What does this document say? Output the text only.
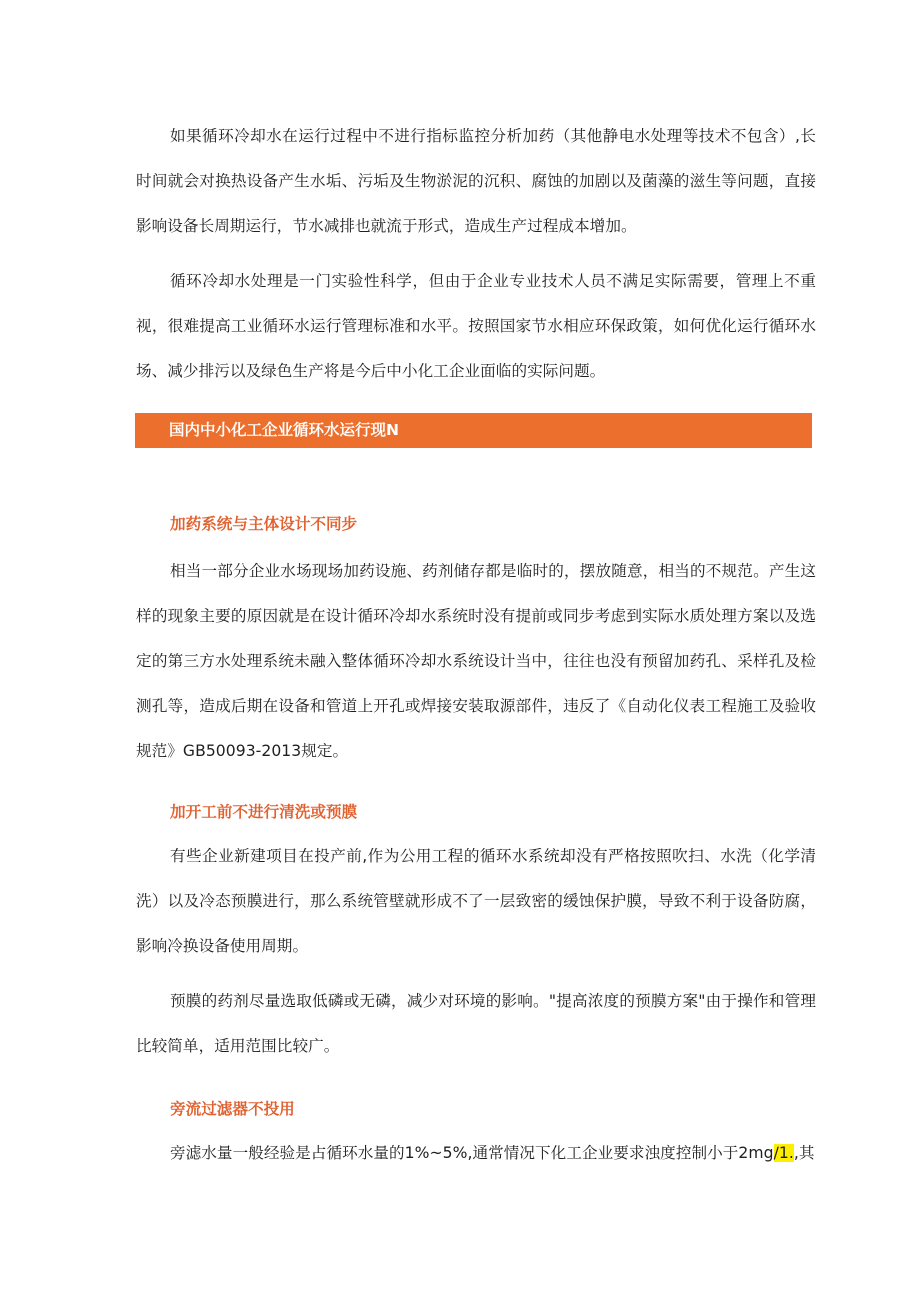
如果循环冷却水在运行过程中不进行指标监控分析加药（其他静电水处理等技术不包含）,长时间就会对换热设备产生水垢、污垢及生物淤泥的沉积、腐蚀的加剧以及菌藻的滋生等问题，直接影响设备长周期运行，节水减排也就流于形式，造成生产过程成本增加。

循环冷却水处理是一门实验性科学，但由于企业专业技术人员不满足实际需要，管理上不重视，很难提高工业循环水运行管理标准和水平。按照国家节水相应环保政策，如何优化运行循环水场、减少排污以及绿色生产将是今后中小化工企业面临的实际问题。

国内中小化工企业循环水运行现N
加药系统与主体设计不同步

相当一部分企业水场现场加药设施、药剂储存都是临时的，摆放随意，相当的不规范。产生这样的现象主要的原因就是在设计循环冷却水系统时没有提前或同步考虑到实际水质处理方案以及选定的第三方水处理系统未融入整体循环冷却水系统设计当中，往往也没有预留加药孔、采样孔及检测孔等，造成后期在设备和管道上开孔或焊接安装取源部件，违反了《自动化仪表工程施工及验收规范》GB50093-2013规定。

加开工前不进行清洗或预膜

有些企业新建项目在投产前,作为公用工程的循环水系统却没有严格按照吹扫、水洗（化学清洗）以及冷态预膜进行，那么系统管壁就形成不了一层致密的缓蚀保护膜，导致不利于设备防腐，影响冷换设备使用周期。

预膜的药剂尽量选取低磷或无磷，减少对环境的影响。"提高浓度的预膜方案"由于操作和管理比较简单，适用范围比较广。

旁流过滤器不投用

旁滤水量一般经验是占循环水量的1%~5%,通常情况下化工企业要求浊度控制小于2mg∕1.,其
